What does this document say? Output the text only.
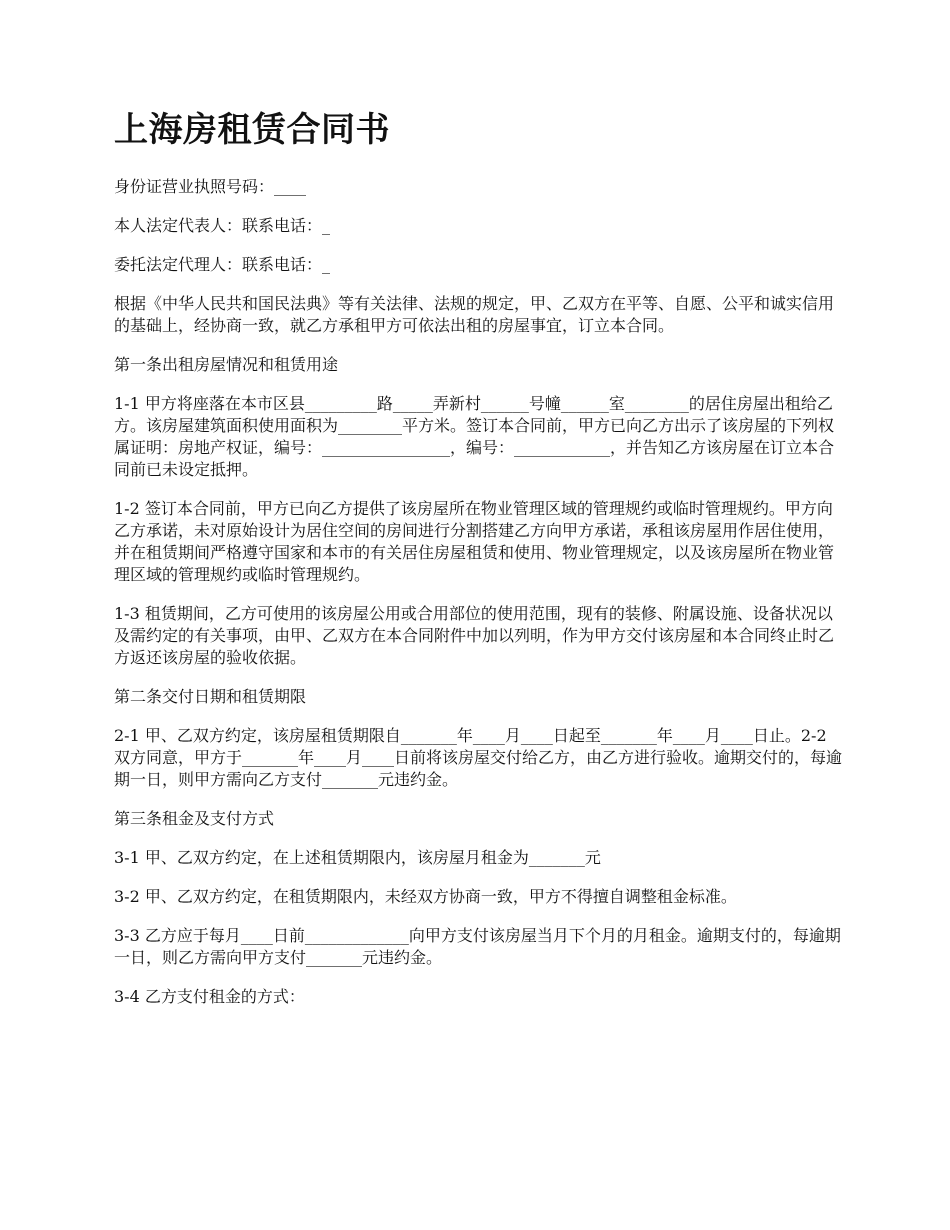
上海房租赁合同书

身份证营业执照号码：____

本人法定代表人：联系电话：_

委托法定代理人：联系电话：_

根据《中华人民共和国民法典》等有关法律、法规的规定，甲、乙双方在平等、自愿、公平和诚实信用的基础上，经协商一致，就乙方承租甲方可依法出租的房屋事宜，订立本合同。

第一条出租房屋情况和租赁用途

1-1 甲方将座落在本市区县_________路_____弄新村______号幢______室________的居住房屋出租给乙方。该房屋建筑面积使用面积为________平方米。签订本合同前，甲方已向乙方出示了该房屋的下列权属证明：房地产权证，编号：________________，编号：____________，并告知乙方该房屋在订立本合同前已未设定抵押。

1-2 签订本合同前，甲方已向乙方提供了该房屋所在物业管理区域的管理规约或临时管理规约。甲方向乙方承诺，未对原始设计为居住空间的房间进行分割搭建乙方向甲方承诺，承租该房屋用作居住使用，并在租赁期间严格遵守国家和本市的有关居住房屋租赁和使用、物业管理规定，以及该房屋所在物业管理区域的管理规约或临时管理规约。

1-3 租赁期间，乙方可使用的该房屋公用或合用部位的使用范围，现有的装修、附属设施、设备状况以及需约定的有关事项，由甲、乙双方在本合同附件中加以列明，作为甲方交付该房屋和本合同终止时乙方返还该房屋的验收依据。

第二条交付日期和租赁期限

2-1 甲、乙双方约定，该房屋租赁期限自_______年____月____日起至_______年____月____日止。2-2 双方同意，甲方于_______年____月____日前将该房屋交付给乙方，由乙方进行验收。逾期交付的，每逾期一日，则甲方需向乙方支付_______元违约金。

第三条租金及支付方式

3-1 甲、乙双方约定，在上述租赁期限内，该房屋月租金为_______元

3-2 甲、乙双方约定，在租赁期限内，未经双方协商一致，甲方不得擅自调整租金标准。

3-3 乙方应于每月____日前_____________向甲方支付该房屋当月下个月的月租金。逾期支付的，每逾期一日，则乙方需向甲方支付_______元违约金。

3-4 乙方支付租金的方式：
